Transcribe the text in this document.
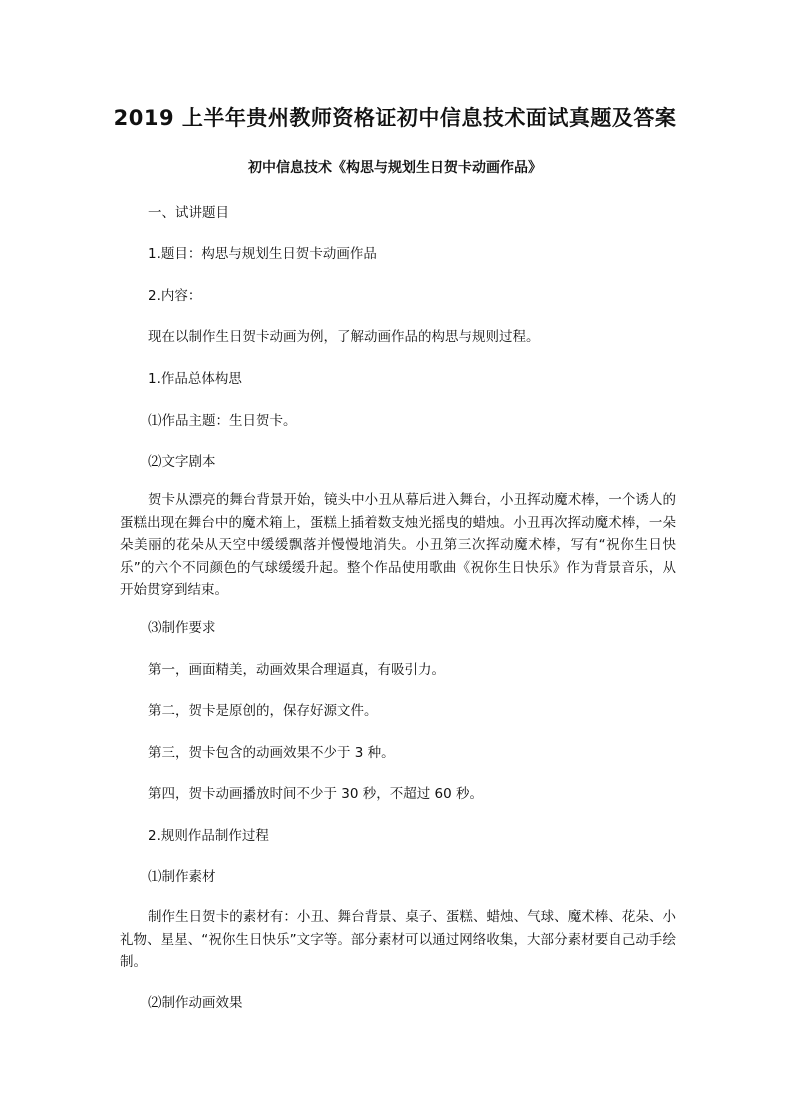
2019 上半年贵州教师资格证初中信息技术面试真题及答案
初中信息技术《构思与规划生日贺卡动画作品》
一、试讲题目
1.题目：构思与规划生日贺卡动画作品
2.内容：
现在以制作生日贺卡动画为例，了解动画作品的构思与规则过程。
1.作品总体构思
⑴作品主题：生日贺卡。
⑵文字剧本
贺卡从漂亮的舞台背景开始，镜头中小丑从幕后进入舞台，小丑挥动魔术棒，一个诱人的蛋糕出现在舞台中的魔术箱上，蛋糕上插着数支烛光摇曳的蜡烛。小丑再次挥动魔术棒，一朵朵美丽的花朵从天空中缓缓飘落并慢慢地消失。小丑第三次挥动魔术棒，写有“祝你生日快乐”的六个不同颜色的气球缓缓升起。整个作品使用歌曲《祝你生日快乐》作为背景音乐，从开始贯穿到结束。
⑶制作要求
第一，画面精美，动画效果合理逼真，有吸引力。
第二，贺卡是原创的，保存好源文件。
第三，贺卡包含的动画效果不少于 3 种。
第四，贺卡动画播放时间不少于 30 秒，不超过 60 秒。
2.规则作品制作过程
⑴制作素材
制作生日贺卡的素材有：小丑、舞台背景、桌子、蛋糕、蜡烛、气球、魔术棒、花朵、小礼物、星星、“祝你生日快乐”文字等。部分素材可以通过网络收集，大部分素材要自己动手绘制。
⑵制作动画效果
